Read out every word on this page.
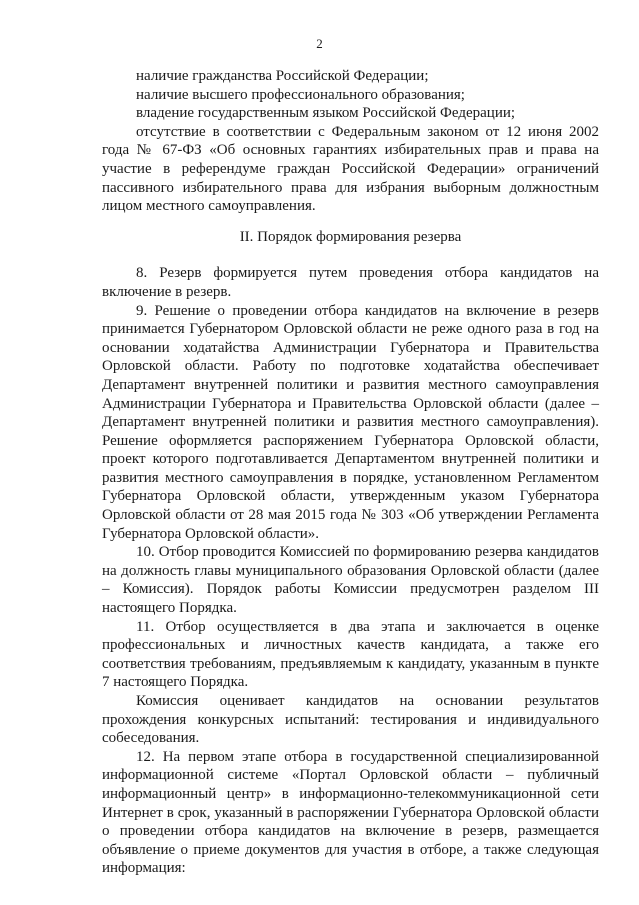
2

наличие гражданства Российской Федерации;

наличие высшего профессионального образования;

владение государственным языком Российской Федерации;

отсутствие в соответствии с Федеральным законом от 12 июня 2002 года № 67-ФЗ «Об основных гарантиях избирательных прав и права на участие в референдуме граждан Российской Федерации» ограничений пассивного избирательного права для избрания выборным должностным лицом местного самоуправления.

II. Порядок формирования резерва

8. Резерв формируется путем проведения отбора кандидатов на включение в резерв.

9. Решение о проведении отбора кандидатов на включение в резерв принимается Губернатором Орловской области не реже одного раза в год на основании ходатайства Администрации Губернатора и Правительства Орловской области. Работу по подготовке ходатайства обеспечивает Департамент внутренней политики и развития местного самоуправления Администрации Губернатора и Правительства Орловской области (далее – Департамент внутренней политики и развития местного самоуправления). Решение оформляется распоряжением Губернатора Орловской области, проект которого подготавливается Департаментом внутренней политики и развития местного самоуправления в порядке, установленном Регламентом Губернатора Орловской области, утвержденным указом Губернатора Орловской области от 28 мая 2015 года № 303 «Об утверждении Регламента Губернатора Орловской области».

10. Отбор проводится Комиссией по формированию резерва кандидатов на должность главы муниципального образования Орловской области (далее – Комиссия). Порядок работы Комиссии предусмотрен разделом III настоящего Порядка.

11. Отбор осуществляется в два этапа и заключается в оценке профессиональных и личностных качеств кандидата, а также его соответствия требованиям, предъявляемым к кандидату, указанным в пункте 7 настоящего Порядка.

Комиссия оценивает кандидатов на основании результатов прохождения конкурсных испытаний: тестирования и индивидуального собеседования.

12. На первом этапе отбора в государственной специализированной информационной системе «Портал Орловской области – публичный информационный центр» в информационно-телекоммуникационной сети Интернет в срок, указанный в распоряжении Губернатора Орловской области о проведении отбора кандидатов на включение в резерв, размещается объявление о приеме документов для участия в отборе, а также следующая информация:
